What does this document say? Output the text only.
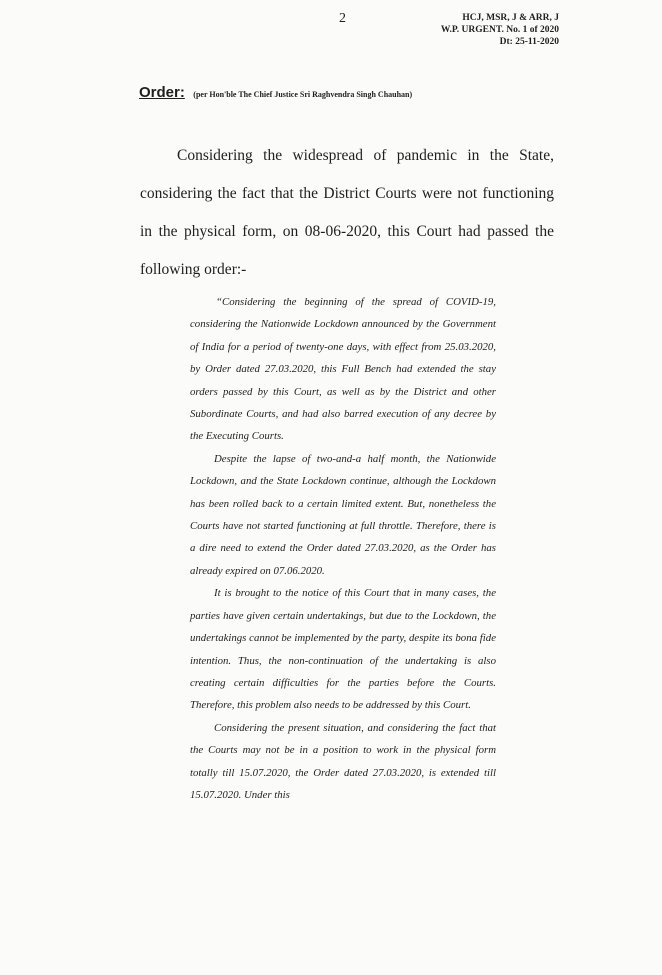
2	HCJ, MSR, J & ARR, J
W.P. URGENT. No. 1 of 2020
Dt: 25-11-2020
Order: (per Hon'ble The Chief Justice Sri Raghvendra Singh Chauhan)

Considering the widespread of pandemic in the State, considering the fact that the District Courts were not functioning in the physical form, on 08-06-2020, this Court had passed the following order:-

“Considering the beginning of the spread of COVID-19, considering the Nationwide Lockdown announced by the Government of India for a period of twenty-one days, with effect from 25.03.2020, by Order dated 27.03.2020, this Full Bench had extended the stay orders passed by this Court, as well as by the District and other Subordinate Courts, and had also barred execution of any decree by the Executing Courts.

Despite the lapse of two-and-a half month, the Nationwide Lockdown, and the State Lockdown continue, although the Lockdown has been rolled back to a certain limited extent. But, nonetheless the Courts have not started functioning at full throttle. Therefore, there is a dire need to extend the Order dated 27.03.2020, as the Order has already expired on 07.06.2020.

It is brought to the notice of this Court that in many cases, the parties have given certain undertakings, but due to the Lockdown, the undertakings cannot be implemented by the party, despite its bona fide intention. Thus, the non-continuation of the undertaking is also creating certain difficulties for the parties before the Courts. Therefore, this problem also needs to be addressed by this Court.

Considering the present situation, and considering the fact that the Courts may not be in a position to work in the physical form totally till 15.07.2020, the Order dated 27.03.2020, is extended till 15.07.2020. Under this
